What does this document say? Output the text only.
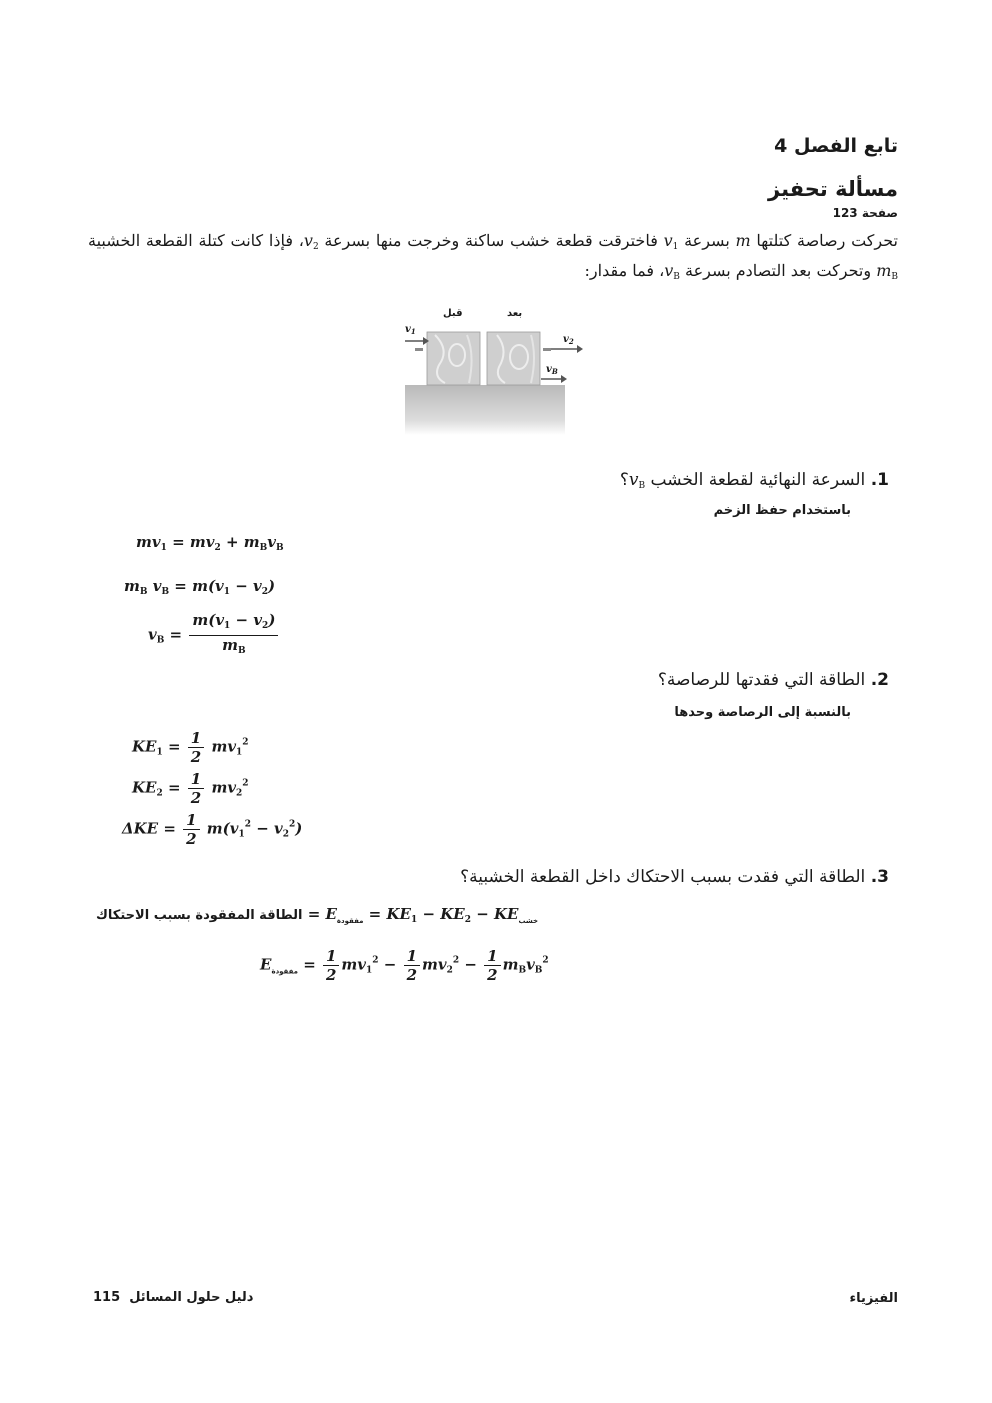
تابع الفصل 4
مسألة تحفيز
صفحة 123
تحركت رصاصة كتلتها m بسرعة $v_1$ فاخترقت قطعة خشب ساكنة وخرجت منها بسرعة $v_2،$ فإذا كانت كتلة القطعة الخشبية $m_B$ وتحركت بعد التصادم بسرعة $v_B،$ فما مقدار:
$v_1$
$v_2$
$v_B$
قبل	بعد
1. السرعة النهائية لقطعة الخشب $v_B؟$
باستخدام حفظ الزخم
$mv_1 = mv_2 + m_Bv_B$
$m_B$ $v_B = m(v_1 - v_2)$
$v_B = \frac{m(v_1 - v_2)}{m_B}$
2. الطاقة التي فقدتها للرصاصة؟
بالنسبة إلى الرصاصة وحدها
$KE_1 = \frac{1}{2} mv_1^2$
$KE_2 = \frac{1}{2} mv_2^2$
$\Delta KE = \frac{1}{2} m(v_1^2 - v_2^2)$
3. الطاقة التي فقدت بسبب الاحتكاك داخل القطعة الخشبية؟
الطاقة المفقودة بسبب الاحتكاك = $E_{مفقودة} = KE_1 - KE_2 - KE_{خشب}$
$E_{مفقودة} = \frac{1}{2} mv_1^2 - \frac{1}{2} mv_2^2 - \frac{1}{2} m_Bv_B^2$
115 دليل حلول المسائل	الفيزياء
